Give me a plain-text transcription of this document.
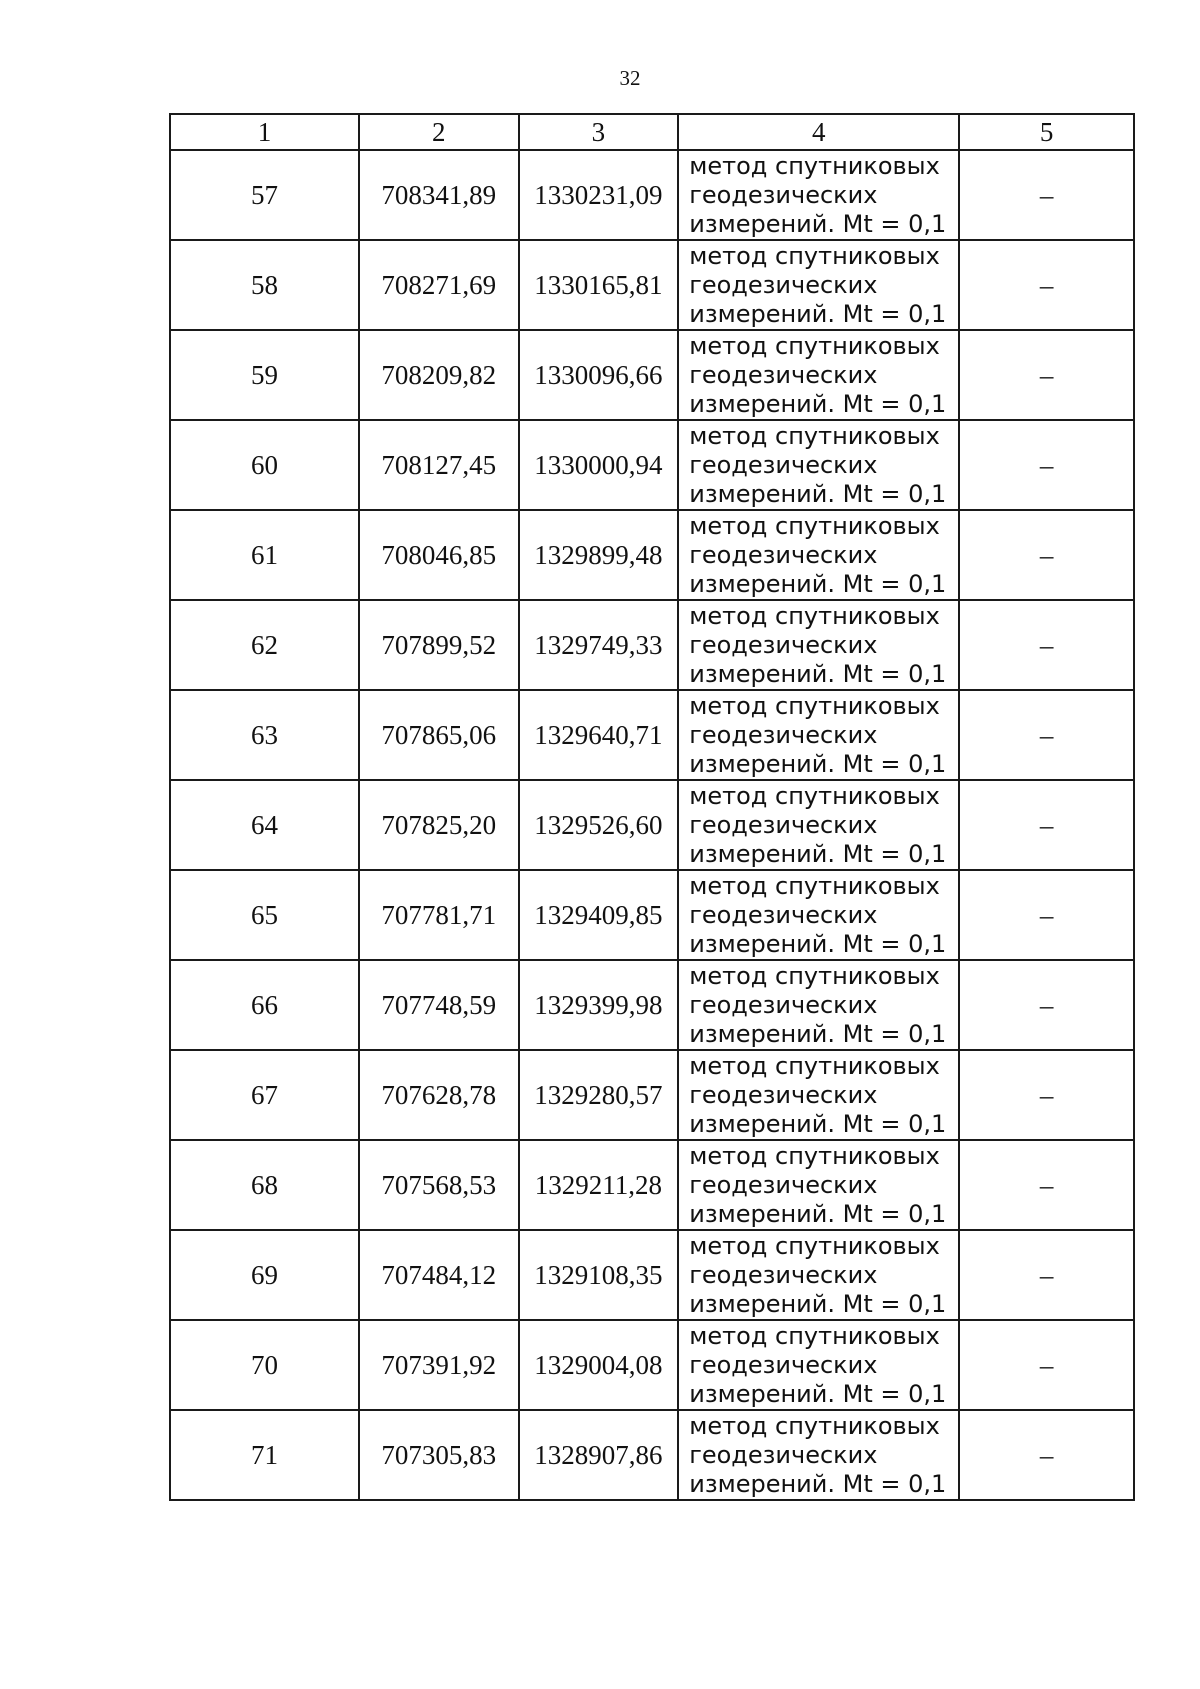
32
1	2	3	4	5
57	708341,89	1330231,09	метод спутниковых
геодезических
измерений. Mt = 0,1	–
58	708271,69	1330165,81	метод спутниковых
геодезических
измерений. Mt = 0,1	–
59	708209,82	1330096,66	метод спутниковых
геодезических
измерений. Mt = 0,1	–
60	708127,45	1330000,94	метод спутниковых
геодезических
измерений. Mt = 0,1	–
61	708046,85	1329899,48	метод спутниковых
геодезических
измерений. Mt = 0,1	–
62	707899,52	1329749,33	метод спутниковых
геодезических
измерений. Mt = 0,1	–
63	707865,06	1329640,71	метод спутниковых
геодезических
измерений. Mt = 0,1	–
64	707825,20	1329526,60	метод спутниковых
геодезических
измерений. Mt = 0,1	–
65	707781,71	1329409,85	метод спутниковых
геодезических
измерений. Mt = 0,1	–
66	707748,59	1329399,98	метод спутниковых
геодезических
измерений. Mt = 0,1	–
67	707628,78	1329280,57	метод спутниковых
геодезических
измерений. Mt = 0,1	–
68	707568,53	1329211,28	метод спутниковых
геодезических
измерений. Mt = 0,1	–
69	707484,12	1329108,35	метод спутниковых
геодезических
измерений. Mt = 0,1	–
70	707391,92	1329004,08	метод спутниковых
геодезических
измерений. Mt = 0,1	–
71	707305,83	1328907,86	метод спутниковых
геодезических
измерений. Mt = 0,1	–
